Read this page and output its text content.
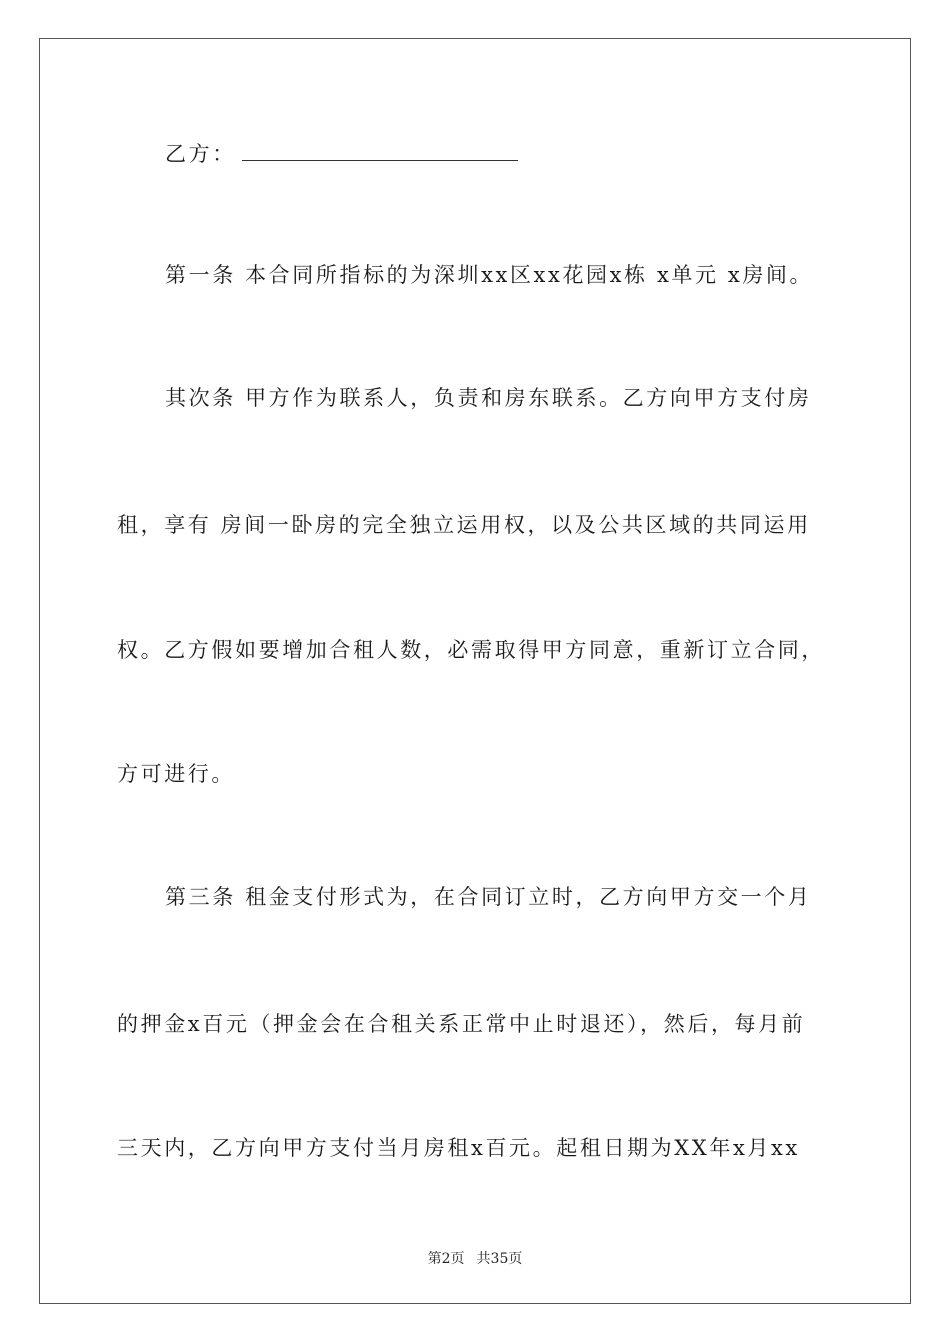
乙方：
第一条 本合同所指标的为深圳xx区xx花园x栋 x单元 x房间。
其次条 甲方作为联系人，负责和房东联系。乙方向甲方支付房
租，享有 房间一卧房的完全独立运用权，以及公共区域的共同运用
权。乙方假如要增加合租人数，必需取得甲方同意，重新订立合同，
方可进行。
第三条 租金支付形式为，在合同订立时，乙方向甲方交一个月
的押金x百元（押金会在合租关系正常中止时退还），然后，每月前
三天内，乙方向甲方支付当月房租x百元。起租日期为XX年x月xx
第2页 共35页
